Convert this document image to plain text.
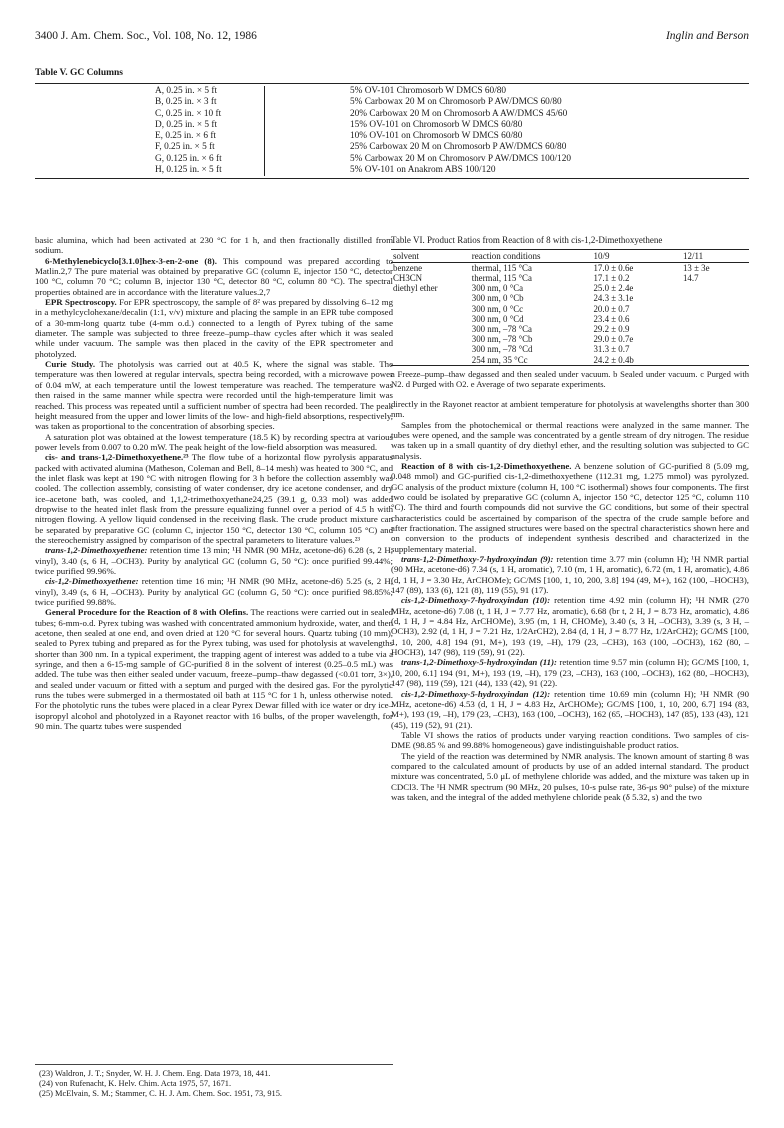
3400 J. Am. Chem. Soc., Vol. 108, No. 12, 1986	Inglin and Berson
Table V. GC Columns
A, 0.25 in. × 5 ft	5% OV-101 Chromosorb W DMCS 60/80
B, 0.25 in. × 3 ft	5% Carbowax 20 M on Chromosorb P AW/DMCS 60/80
C, 0.25 in. × 10 ft	20% Carbowax 20 M on Chromosorb A AW/DMCS 45/60
D, 0.25 in. × 5 ft	15% OV-101 on Chromosorb W DMCS 60/80
E, 0.25 in. × 6 ft	10% OV-101 on Chromosorb W DMCS 60/80
F, 0.25 in. × 5 ft	25% Carbowax 20 M on Chromosorb P AW/DMCS 60/80
G, 0.125 in. × 6 ft	5% Carbowax 20 M on Chromosorv P AW/DMCS 100/120
H, 0.125 in. × 5 ft	5% OV-101 on Anakrom ABS 100/120

basic alumina, which had been activated at 230 °C for 1 h, and then fractionally distilled from sodium.

6-Methylenebicyclo[3.1.0]hex-3-en-2-one (8). This compound was prepared according to Matlin.2,7 The pure material was obtained by preparative GC (column E, injector 150 °C, detector 100 °C, column 70 °C; column B, injector 130 °C, detector 80 °C, column 80 °C). The spectral properties obtained are in accordance with the literature values.2,7

EPR Spectroscopy. For EPR spectroscopy, the sample of 8² was prepared by dissolving 6–12 mg in a methylcyclohexane/decalin (1:1, v/v) mixture and placing the sample in an EPR tube composed of a 30-mm-long quartz tube (4-mm o.d.) connected to a length of Pyrex tubing of the same diameter. The sample was subjected to three freeze–pump–thaw cycles after which it was sealed while under vacuum. The sample was then placed in the cavity of the EPR spectrometer and photolyzed.

Curie Study. The photolysis was carried out at 40.5 K, where the signal was stable. The temperature was then lowered at regular intervals, spectra being recorded, with a microwave power of 0.04 mW, at each temperature until the lowest temperature was reached. The temperature was then raised in the same manner while spectra were recorded until the high-temperature limit was reached. This process was repeated until a sufficient number of spectra had been recorded. The peak height measured from the upper and lower limits of the low- and high-field absorptions, respectively, was taken as proportional to the concentration of absorbing species.

A saturation plot was obtained at the lowest temperature (18.5 K) by recording spectra at various power levels from 0.007 to 0.20 mW. The peak height of the low-field absorption was measured.

cis- and trans-1,2-Dimethoxyethene.²³ The flow tube of a horizontal flow pyrolysis apparatus packed with activated alumina (Matheson, Coleman and Bell, 8–14 mesh) was heated to 300 °C, and the inlet flask was kept at 190 °C with nitrogen flowing for 3 h before the collection assembly was cooled. The collection assembly, consisting of water condenser, dry ice acetone condenser, and dry ice–acetone bath, was cooled, and 1,1,2-trimethoxyethane24,25 (39.1 g, 0.33 mol) was added dropwise to the heated inlet flask from the pressure equalizing funnel over a period of 4.5 h with nitrogen flowing. A yellow liquid condensed in the receiving flask. The crude product mixture can be separated by preparative GC (column C, injector 150 °C, detector 130 °C, column 105 °C) and the stereochemistry assigned by comparison of the spectral parameters to literature values.²³

trans-1,2-Dimethoxyethene: retention time 13 min; ¹H NMR (90 MHz, acetone-d6) 6.28 (s, 2 H, vinyl), 3.40 (s, 6 H, –OCH3). Purity by analytical GC (column G, 50 °C): once purified 99.44%; twice purified 99.96%.

cis-1,2-Dimethoxyethene: retention time 16 min; ¹H NMR (90 MHz, acetone-d6) 5.25 (s, 2 H, vinyl), 3.49 (s, 6 H, –OCH3). Purity by analytical GC (column G, 50 °C): once purified 98.85%; twice purified 99.88%.

General Procedure for the Reaction of 8 with Olefins. The reactions were carried out in sealed tubes; 6-mm-o.d. Pyrex tubing was washed with concentrated ammonium hydroxide, water, and then acetone, then sealed at one end, and oven dried at 120 °C for several hours. Quartz tubing (10 mm), sealed to Pyrex tubing and prepared as for the Pyrex tubing, was used for photolysis at wavelengths shorter than 300 nm. In a typical experiment, the trapping agent of interest was added to a tube via a syringe, and then a 6-15-mg sample of GC-purified 8 in the solvent of interest (0.25–0.5 mL) was added. The tube was then either sealed under vacuum, freeze–pump–thaw degassed (<0.01 torr, 3×), and sealed under vacuum or fitted with a septum and purged with the desired gas. For the pyrolytic runs the tubes were submerged in a thermostated oil bath at 115 °C for 1 h, unless otherwise noted. For the photolytic runs the tubes were placed in a clear Pyrex Dewar filled with ice water or dry ice–isopropyl alcohol and photolyzed in a Rayonet reactor with 16 bulbs, of the proper wavelength, for 90 min. The quartz tubes were suspended

(23) Waldron, J. T.; Snyder, W. H. J. Chem. Eng. Data 1973, 18, 441.
(24) von Rufenacht, K. Helv. Chim. Acta 1975, 57, 1671.
(25) McElvain, S. M.; Stammer, C. H. J. Am. Chem. Soc. 1951, 73, 915.
Table VI. Product Ratios from Reaction of 8 with cis-1,2-Dimethoxyethene
solvent	reaction conditions	10/9	12/11
benzene	thermal, 115 °Ca	17.0 ± 0.6e	13 ± 3e
CH3CN	thermal, 115 °Ca	17.1 ± 0.2	14.7
diethyl ether	300 nm, 0 °Ca	25.0 ± 2.4e	
	300 nm, 0 °Cb	24.3 ± 3.1e	
	300 nm, 0 °Cc	20.0 ± 0.7	
	300 nm, 0 °Cd	23.4 ± 0.6	
	300 nm, –78 °Ca	29.2 ± 0.9	
	300 nm, –78 °Cb	29.0 ± 0.7e	
	300 nm, –78 °Cd	31.3 ± 0.7	
	254 nm, 35 °Cc	24.2 ± 0.4b	
a Freeze–pump–thaw degassed and then sealed under vacuum. b Sealed under vacuum. c Purged with N2. d Purged with O2. e Average of two separate experiments.

directly in the Rayonet reactor at ambient temperature for photolysis at wavelengths shorter than 300 nm.

Samples from the photochemical or thermal reactions were analyzed in the same manner. The tubes were opened, and the sample was concentrated by a gentle stream of dry nitrogen. The residue was taken up in a small quantity of dry diethyl ether, and the resulting solution was subjected to GC analysis.

Reaction of 8 with cis-1,2-Dimethoxyethene. A benzene solution of GC-purified 8 (5.09 mg, 0.048 mmol) and GC-purified cis-1,2-dimethoxyethene (112.31 mg, 1.275 mmol) was pyrolyzed. GC analysis of the product mixture (column H, 100 °C isothermal) shows four components. The first two could be isolated by preparative GC (column A, injector 150 °C, detector 125 °C, column 110 °C). The third and fourth compounds did not survive the GC conditions, but some of their spectral characteristics could be ascertained by comparison of the spectra of the crude sample before and after fractionation. The assigned structures were based on the spectral characteristics shown here and on conversion to the products of independent synthesis described and characterized in the supplementary material.

trans-1,2-Dimethoxy-7-hydroxyindan (9): retention time 3.77 min (column H); ¹H NMR partial (90 MHz, acetone-d6) 7.34 (s, 1 H, aromatic), 7.10 (m, 1 H, aromatic), 6.72 (m, 1 H, aromatic), 4.86 (d, 1 H, J = 3.30 Hz, ArCHOMe); GC/MS [100, 1, 10, 200, 3.8] 194 (49, M+), 162 (100, –HOCH3), 147 (89), 133 (6), 121 (8), 119 (55), 91 (17).

cis-1,2-Dimethoxy-7-hydroxyindan (10): retention time 4.92 min (column H); ¹H NMR (270 MHz, acetone-d6) 7.08 (t, 1 H, J = 7.77 Hz, aromatic), 6.68 (br t, 2 H, J = 8.73 Hz, aromatic), 4.86 (d, 1 H, J = 4.84 Hz, ArCHOMe), 3.95 (m, 1 H, CHOMe), 3.40 (s, 3 H, –OCH3), 3.39 (s, 3 H, –OCH3), 2.92 (d, 1 H, J = 7.21 Hz, 1/2ArCH2), 2.84 (d, 1 H, J = 8.77 Hz, 1/2ArCH2); GC/MS [100, 1, 10, 200, 4.8] 194 (91, M+), 193 (19, –H), 179 (23, –CH3), 163 (100, –OCH3), 162 (80, –HOCH3), 147 (98), 119 (59), 91 (22).

trans-1,2-Dimethoxy-5-hydroxyindan (11): retention time 9.57 min (column H); GC/MS [100, 1, 10, 200, 6.1] 194 (91, M+), 193 (19, –H), 179 (23, –CH3), 163 (100, –OCH3), 162 (80, –HOCH3), 147 (98), 119 (59), 121 (44), 133 (42), 91 (22).

cis-1,2-Dimethoxy-5-hydroxyindan (12): retention time 10.69 min (column H); ¹H NMR (90 MHz, acetone-d6) 4.53 (d, 1 H, J = 4.83 Hz, ArCHOMe); GC/MS [100, 1, 10, 200, 6.7] 194 (83, M+), 193 (19, –H), 179 (23, –CH3), 163 (100, –OCH3), 162 (65, –HOCH3), 147 (85), 133 (43), 121 (45), 119 (52), 91 (21).

Table VI shows the ratios of products under varying reaction conditions. Two samples of cis-DME (98.85 % and 99.88% homogeneous) gave indistinguishable product ratios.

The yield of the reaction was determined by NMR analysis. The known amount of starting 8 was compared to the calculated amount of products by use of an added internal standard. The product mixture was concentrated, 5.0 μL of methylene chloride was added, and the mixture was taken up in CDCl3. The ¹H NMR spectrum (90 MHz, 20 pulses, 10-s pulse rate, 36-μs 90° pulse) of the mixture was taken, and the integral of the added methylene chloride peak (δ 5.32, s) and the two
